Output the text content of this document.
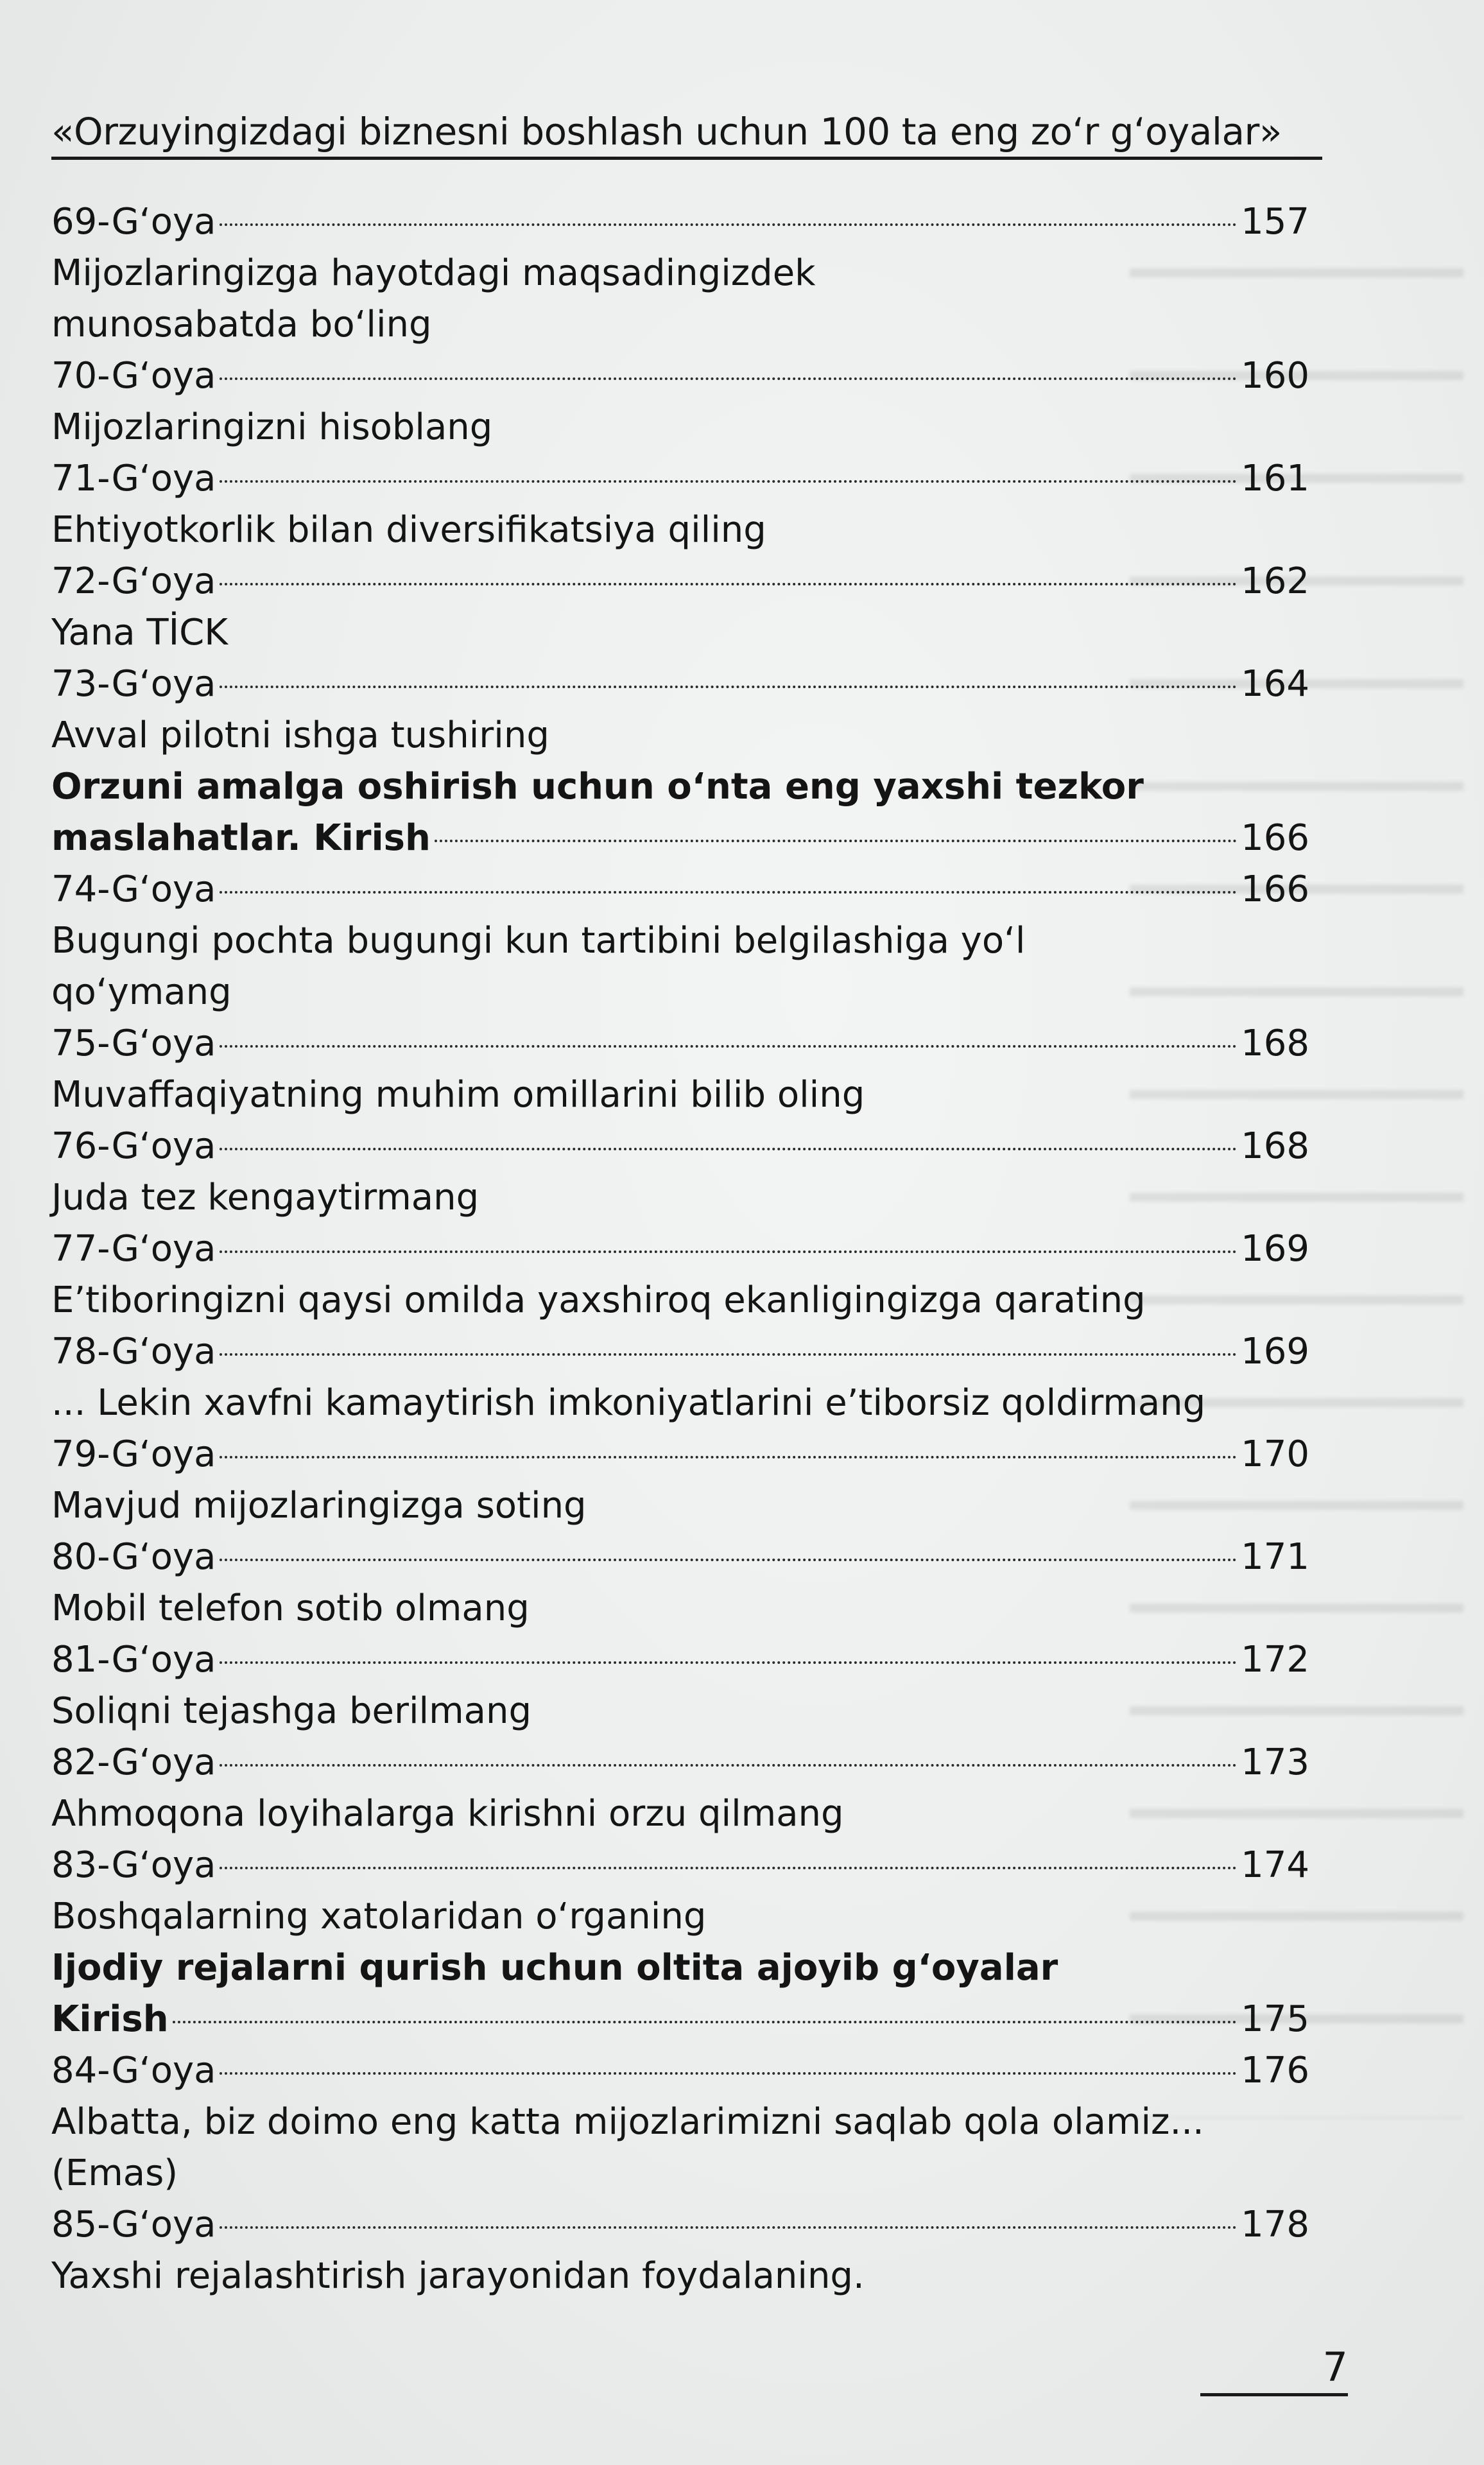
«Orzuyingizdagi biznesni boshlash uchun 100 ta eng zo‘r g‘oyalar»
69-G‘oya	157
Mijozlaringizga hayotdagi maqsadingizdek
munosabatda bo‘ling
70-G‘oya	160
Mijozlaringizni hisoblang
71-G‘oya	161
Ehtiyotkorlik bilan diversifikatsiya qiling
72-G‘oya	162
Yana TİCK
73-G‘oya	164
Avval pilotni ishga tushiring
Orzuni amalga oshirish uchun o‘nta eng yaxshi tezkor
maslahatlar. Kirish	166
74-G‘oya	166
Bugungi pochta bugungi kun tartibini belgilashiga yo‘l
qo‘ymang
75-G‘oya	168
Muvaffaqiyatning muhim omillarini bilib oling
76-G‘oya	168
Juda tez kengaytirmang
77-G‘oya	169
E’tiboringizni qaysi omilda yaxshiroq ekanligingizga qarating
78-G‘oya	169
... Lekin xavfni kamaytirish imkoniyatlarini e’tiborsiz qoldirmang
79-G‘oya	170
Mavjud mijozlaringizga soting
80-G‘oya	171
Mobil telefon sotib olmang
81-G‘oya	172
Soliqni tejashga berilmang
82-G‘oya	173
Ahmoqona loyihalarga kirishni orzu qilmang
83-G‘oya	174
Boshqalarning xatolaridan o‘rganing
Ijodiy rejalarni qurish uchun oltita ajoyib g‘oyalar
Kirish	175
84-G‘oya	176
Albatta, biz doimo eng katta mijozlarimizni saqlab qola olamiz...
(Emas)
85-G‘oya	178
Yaxshi rejalashtirish jarayonidan foydalaning.
7
